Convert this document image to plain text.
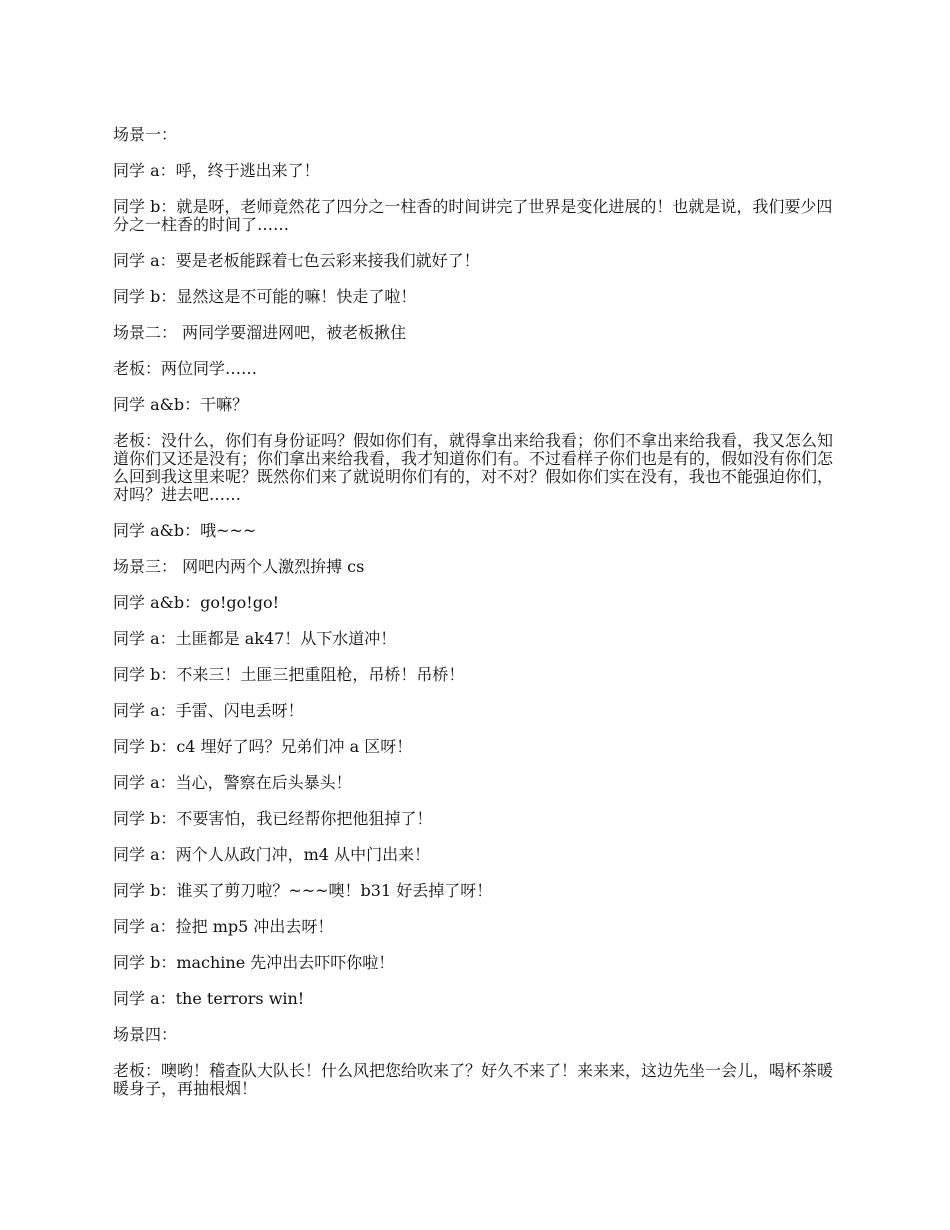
场景一：

同学 a：呼，终于逃出来了！

同学 b：就是呀，老师竟然花了四分之一柱香的时间讲完了世界是变化进展的！也就是说，我们要少四分之一柱香的时间了……

同学 a：要是老板能踩着七色云彩来接我们就好了！

同学 b：显然这是不可能的嘛！快走了啦！

场景二： 两同学要溜进网吧，被老板揪住

老板：两位同学……

同学 a&b：干嘛？

老板：没什么，你们有身份证吗？假如你们有，就得拿出来给我看；你们不拿出来给我看，我又怎么知道你们又还是没有；你们拿出来给我看，我才知道你们有。不过看样子你们也是有的，假如没有你们怎么回到我这里来呢？既然你们来了就说明你们有的，对不对？假如你们实在没有，我也不能强迫你们，对吗？进去吧……

同学 a&b：哦~~~

场景三： 网吧内两个人激烈拚搏 cs

同学 a&b：go!go!go!

同学 a：土匪都是 ak47！从下水道冲！

同学 b：不来三！土匪三把重阻枪，吊桥！吊桥！

同学 a：手雷、闪电丢呀！

同学 b：c4 埋好了吗？兄弟们冲 a 区呀！

同学 a：当心，警察在后头暴头！

同学 b：不要害怕，我已经帮你把他狙掉了！

同学 a：两个人从政门冲，m4 从中门出来！

同学 b：谁买了剪刀啦？~~~噢！b31 好丢掉了呀！

同学 a：捡把 mp5 冲出去呀！

同学 b：machine 先冲出去吓吓你啦！

同学 a：the terrors win!

场景四：

老板：噢哟！稽查队大队长！什么风把您给吹来了？好久不来了！来来来，这边先坐一会儿，喝杯茶暖暖身子，再抽根烟！
